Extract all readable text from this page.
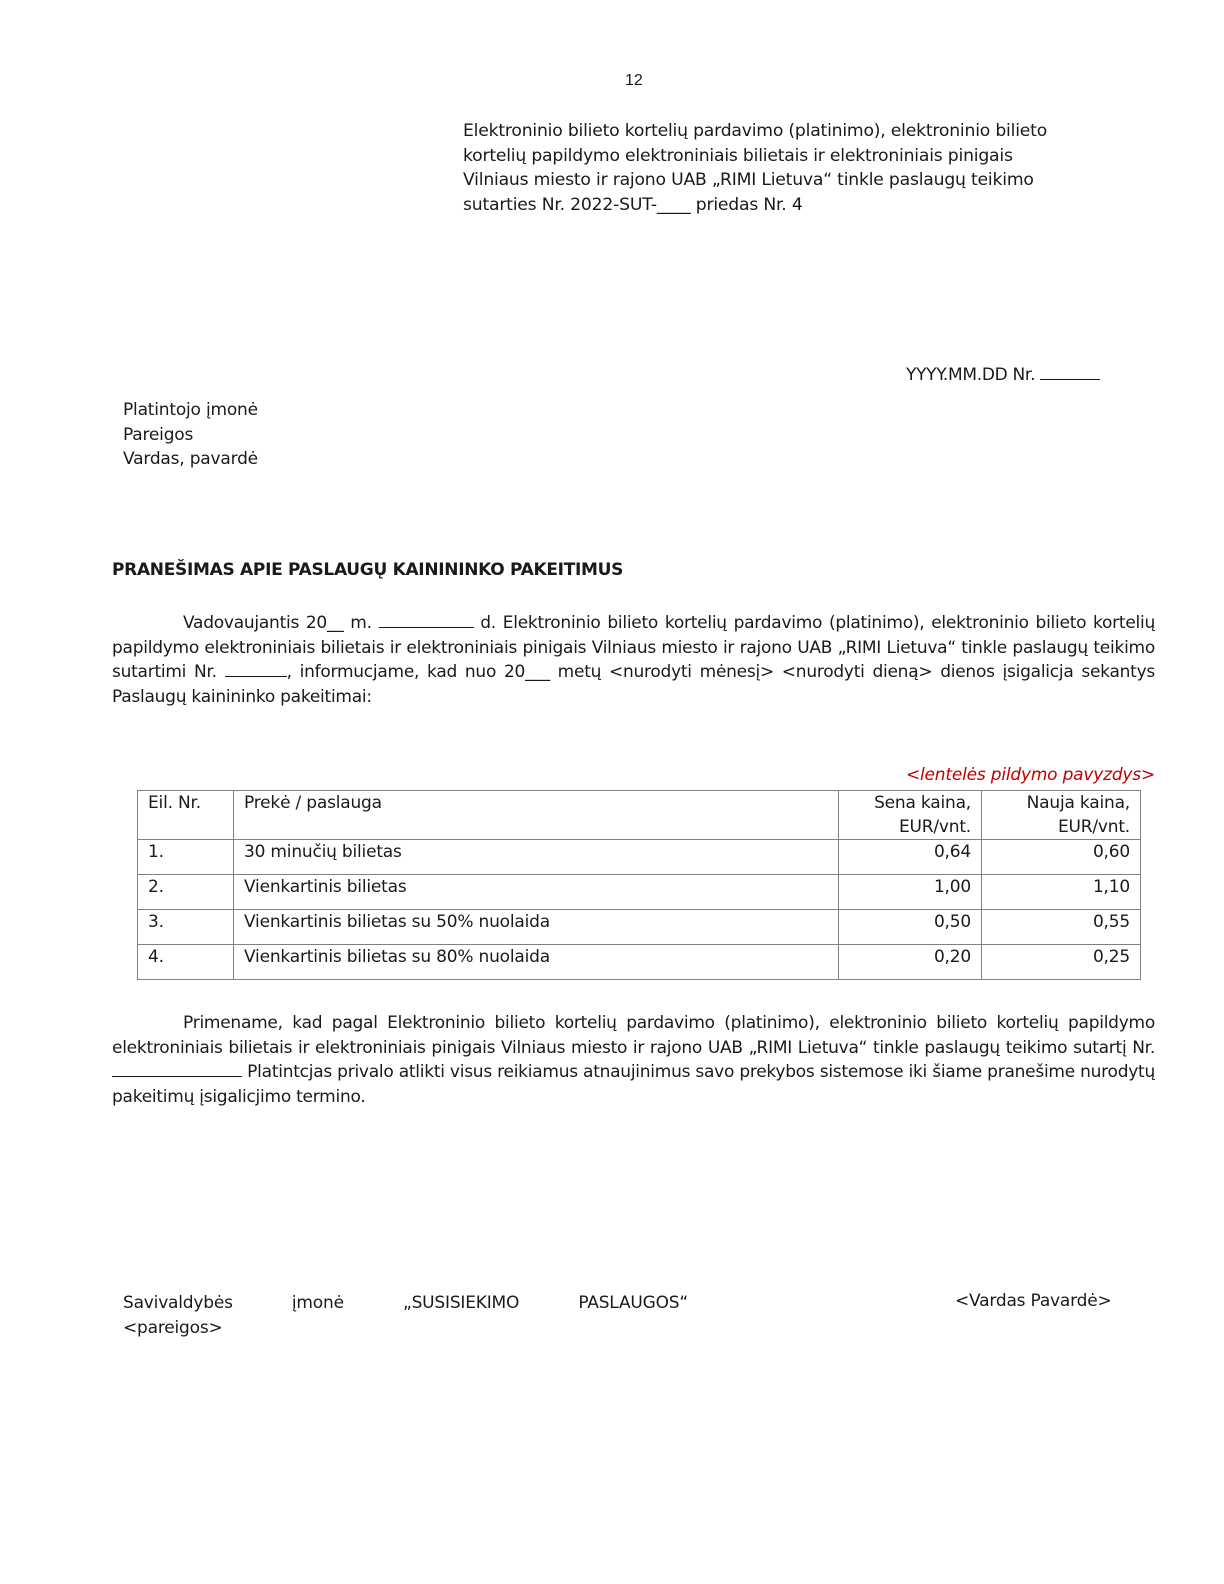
12
Elektroninio bilieto kortelių pardavimo (platinimo), elektroninio bilieto
kortelių papildymo elektroniniais bilietais ir elektroniniais pinigais
Vilniaus miesto ir rajono UAB „RIMI Lietuva“ tinkle paslaugų teikimo
sutarties Nr. 2022-SUT-____ priedas Nr. 4
YYYY.MM.DD Nr.
Platintojo įmonė
Pareigos
Vardas, pavardė
PRANEŠIMAS APIE PASLAUGŲ KAINININKO PAKEITIMUS
Vadovaujantis 20__ m.	d. Elektroninio bilieto kortelių pardavimo (platinimo), elektroninio bilieto kortelių papildymo elektroniniais bilietais ir elektroniniais pinigais Vilniaus miesto ir rajono UAB „RIMI Lietuva“ tinkle paslaugų teikimo sutartimi Nr.	, informucjame, kad nuo 20___ metų <nurodyti mėnesį> <nurodyti dieną> dienos įsigalicja sekantys Paslaugų kainininko pakeitimai:
<lentelės pildymo pavyzdys>
Eil. Nr.	Prekė / paslauga	Sena kaina, EUR/vnt.	Nauja kaina, EUR/vnt.
1.	30 minučių bilietas	0,64	0,60
2.	Vienkartinis bilietas	1,00	1,10
3.	Vienkartinis bilietas su 50% nuolaida	0,50	0,55
4.	Vienkartinis bilietas su 80% nuolaida	0,20	0,25
Primename, kad pagal Elektroninio bilieto kortelių pardavimo (platinimo), elektroninio bilieto kortelių papildymo elektroniniais bilietais ir elektroniniais pinigais Vilniaus miesto ir rajono UAB „RIMI Lietuva“ tinkle paslaugų teikimo sutartį Nr.  Platintcjas privalo atlikti visus reikiamus atnaujinimus savo prekybos sistemose iki šiame pranešime nurodytų pakeitimų įsigalicjimo termino.
Savivaldybės	įmonė	„SUSISIEKIMO	PASLAUGOS“
<pareigos>
<Vardas Pavardė>
